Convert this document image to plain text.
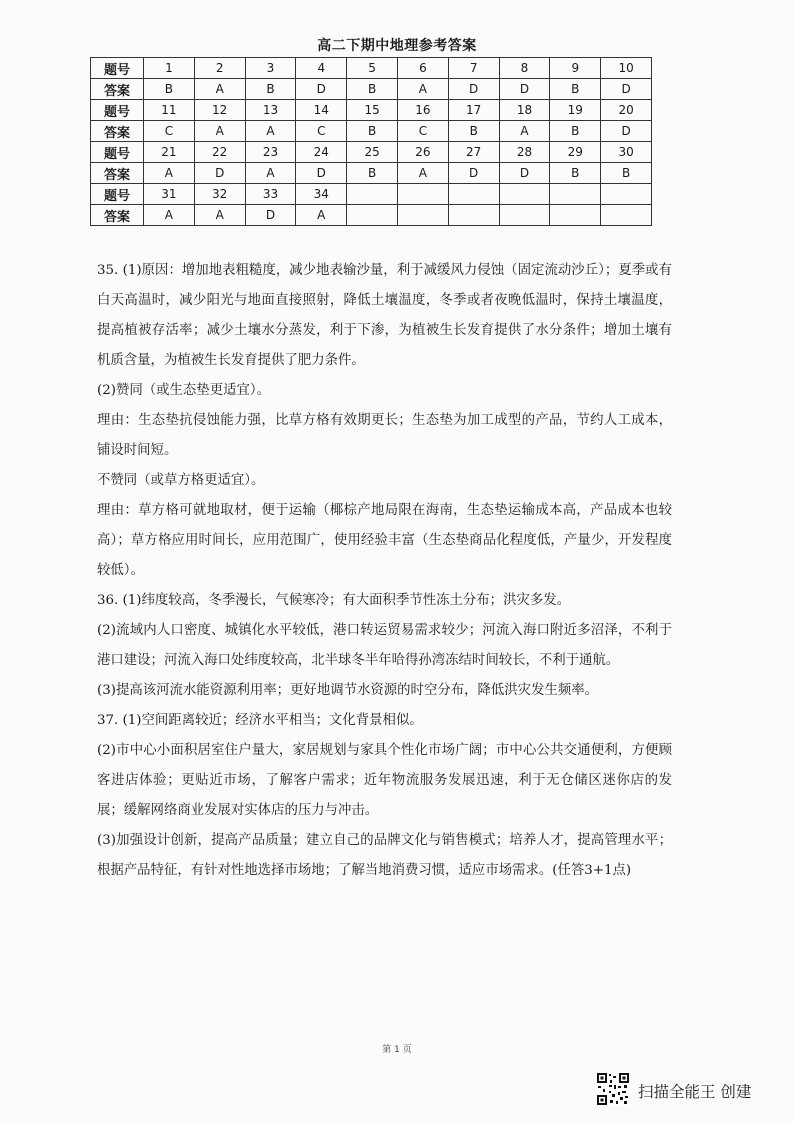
高二下期中地理参考答案
题号	1	2	3	4	5	6	7	8	9	10
答案	B	A	B	D	B	A	D	D	B	D
题号	11	12	13	14	15	16	17	18	19	20
答案	C	A	A	C	B	C	B	A	B	D
题号	21	22	23	24	25	26	27	28	29	30
答案	A	D	A	D	B	A	D	D	B	B
题号	31	32	33	34						
答案	A	A	D	A						

35. (1)原因：增加地表粗糙度，减少地表输沙量，利于减缓风力侵蚀（固定流动沙丘）；夏季或有白天高温时，减少阳光与地面直接照射，降低土壤温度，冬季或者夜晚低温时，保持土壤温度，提高植被存活率；减少土壤水分蒸发，利于下渗，为植被生长发育提供了水分条件；增加土壤有机质含量，为植被生长发育提供了肥力条件。

(2)赞同（或生态垫更适宜）。

理由：生态垫抗侵蚀能力强，比草方格有效期更长；生态垫为加工成型的产品，节约人工成本，铺设时间短。

不赞同（或草方格更适宜）。

理由：草方格可就地取材，便于运输（椰棕产地局限在海南，生态垫运输成本高，产品成本也较高）；草方格应用时间长，应用范围广，使用经验丰富（生态垫商品化程度低，产量少，开发程度较低）。

36. (1)纬度较高，冬季漫长，气候寒冷；有大面积季节性冻土分布；洪灾多发。

(2)流域内人口密度、城镇化水平较低，港口转运贸易需求较少；河流入海口附近多沼泽，不利于港口建设；河流入海口处纬度较高，北半球冬半年哈得孙湾冻结时间较长，不利于通航。

(3)提高该河流水能资源利用率；更好地调节水资源的时空分布，降低洪灾发生频率。

37. (1)空间距离较近；经济水平相当；文化背景相似。

(2)市中心小面积居室住户量大，家居规划与家具个性化市场广阔；市中心公共交通便利，方便顾客进店体验；更贴近市场，了解客户需求；近年物流服务发展迅速，利于无仓储区迷你店的发展；缓解网络商业发展对实体店的压力与冲击。

(3)加强设计创新，提高产品质量；建立自己的品牌文化与销售模式；培养人才，提高管理水平；根据产品特征，有针对性地选择市场地；了解当地消费习惯，适应市场需求。(任答3+1点)

第 1 页
扫描全能王 创建
